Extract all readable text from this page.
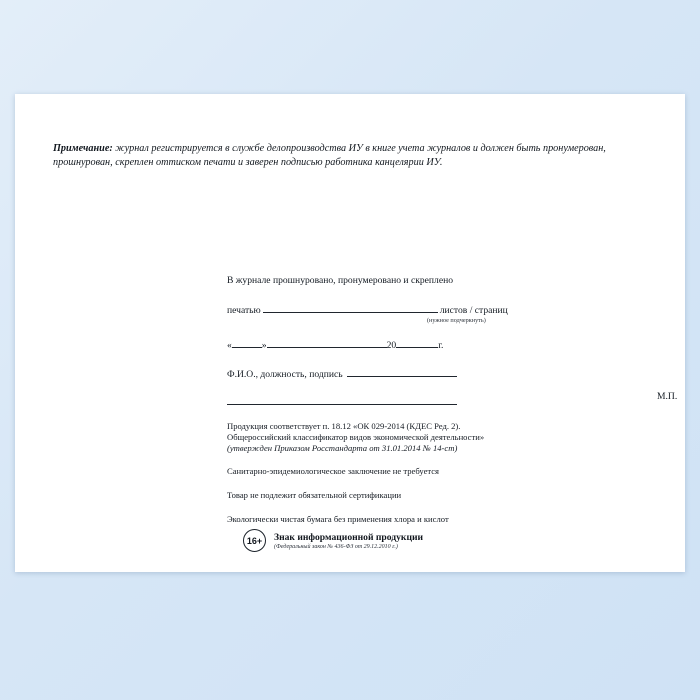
Примечание: журнал регистрируется в службе делопроизводства ИУ в книге учета журналов и должен быть пронумерован, прошнурован, скреплен оттиском печати и заверен подписью работника канцелярии ИУ.
В журнале прошнуровано, пронумеровано и скреплено
печатью	листов / страниц
(нужное подчеркнуть)
«	»	20	г.
Ф.И.О., должность, подпись
М.П.
Продукция соответствует п. 18.12 «ОК 029-2014 (КДЕС Ред. 2).
Общероссийский классификатор видов экономической деятельности»
(утвержден Приказом Росстандарта от 31.01.2014 № 14-ст)
Санитарно-эпидемиологическое заключение не требуется
Товар не подлежит обязательной сертификации
Экологически чистая бумага без применения хлора и кислот
16+	Знак информационной продукции
(Федеральный закон № 436-ФЗ от 29.12.2010 г.)
